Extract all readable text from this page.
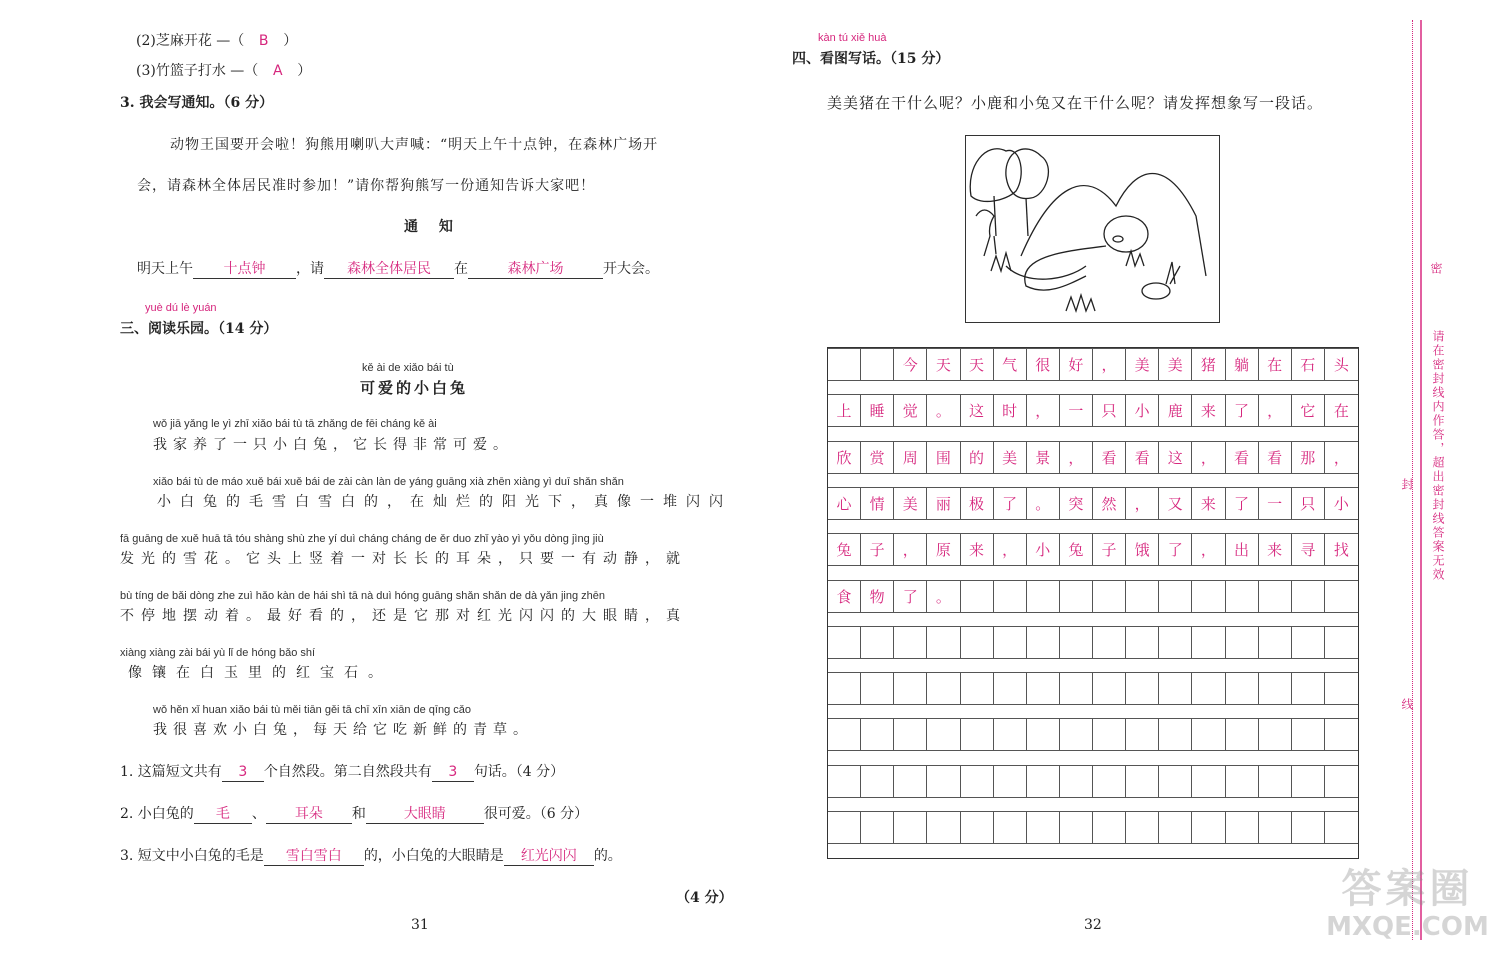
(2)芝麻开花 —（ B ）
(3)竹篮子打水 —（ A ）
3. 我会写通知。（6 分）
动物王国要开会啦！狗熊用喇叭大声喊：“明天上午十点钟，在森林广场开
会，请森林全体居民准时参加！”请你帮狗熊写一份通知告诉大家吧！
通 知
明天上午 十点钟 ，请 森林全体居民 在	森林广场	开大会。
yuè dú lè yuán
三、阅读乐园。（14 分）
kě ài de xiǎo bái tù
可爱的小白兔
wǒ jiā yǎng le yì zhī xiǎo bái tù tā zhǎng de fēi cháng kě ài
我家养了一只小白兔，它长得非常可爱。
xiǎo bái tù de máo xuě bái xuě bái de zài càn làn de yáng guāng xià zhēn xiàng yì duī shǎn shǎn
小白兔的毛雪白雪白的，在灿烂的阳光下，真像一堆闪闪
fā guāng de xuě huā tā tóu shàng shù zhe yí duì cháng cháng de ěr duo zhǐ yào yì yǒu dòng jìng jiù
发光的雪花。它头上竖着一对长长的耳朵，只要一有动静，就
bù tíng de bǎi dòng zhe zuì hǎo kàn de hái shì tā nà duì hóng guāng shǎn shǎn de dà yǎn jing zhēn
不停地摆动着。最好看的，还是它那对红光闪闪的大眼睛，真
xiàng xiàng zài bái yù lǐ de hóng bǎo shí
像镶在白玉里的红宝石。
wǒ hěn xǐ huan xiǎo bái tù měi tiān gěi tā chī xīn xiān de qīng cǎo
我很喜欢小白兔，每天给它吃新鲜的青草。
1. 这篇短文共有 3 个自然段。第二自然段共有 3 句话。（4 分）
2. 小白兔的 毛 、 耳朵 和	大眼睛	很可爱。（6 分）
3. 短文中小白兔的毛是 雪白雪白 的，小白兔的大眼睛是 红光闪闪 的。
（4 分）
31
kàn tú xiě huà
四、看图写话。（15 分）
美美猪在干什么呢？小鹿和小兔又在干什么呢？请发挥想象写一段话。
今	天	天	气	很	好	，	美	美	猪	躺	在	石	头
上	睡	觉	。	这	时	，	一	只	小	鹿	来	了	，	它	在
欣	赏	周	围	的	美	景	，	看	看	这	，	看	看	那	，
心	情	美	丽	极	了	。	突	然	，	又	来	了	一	只	小
兔	子	，	原	来	，	小	兔	子	饿	了	，	出	来	寻	找
食	物	了	。
32
密
请在密封线内作答，超出密封线答案无效
封
线
答案圈
MXQE.COM
